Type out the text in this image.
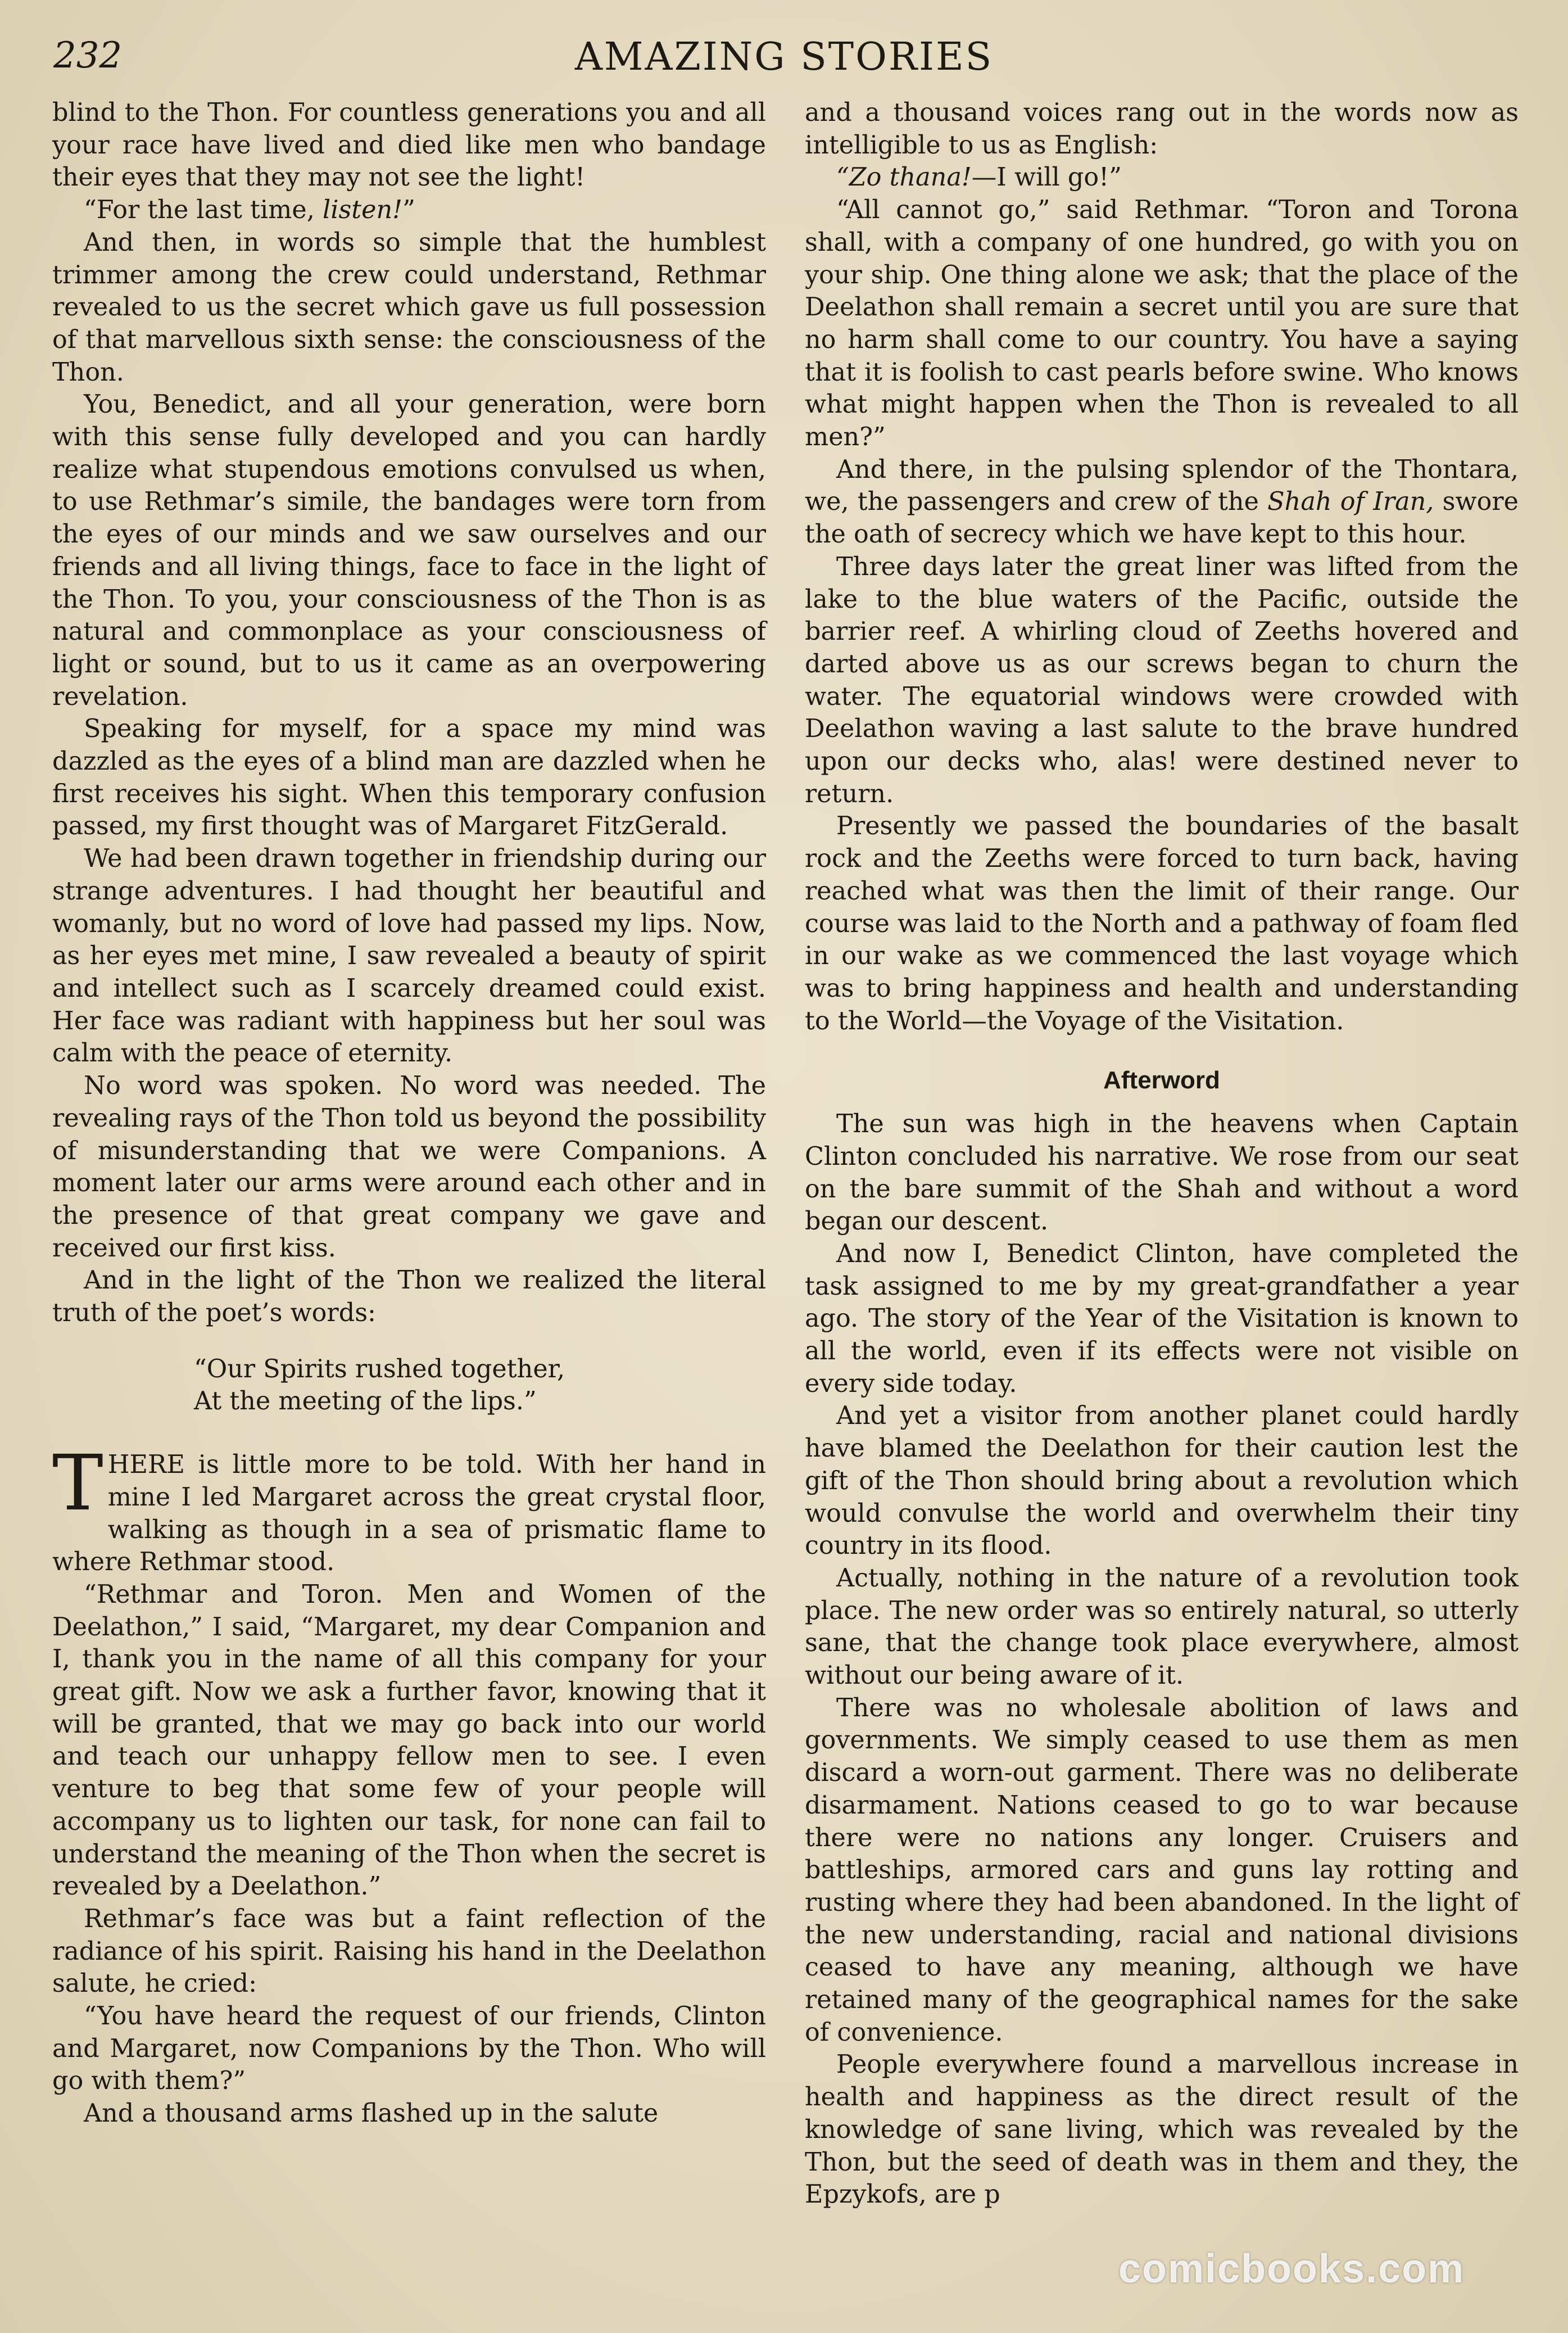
232	AMAZING STORIES

blind to the Thon. For countless generations you and all your race have lived and died like men who bandage their eyes that they may not see the light!

“For the last time, listen!”

And then, in words so simple that the humblest trimmer among the crew could understand, Rethmar revealed to us the secret which gave us full possession of that marvellous sixth sense: the consciousness of the Thon.

You, Benedict, and all your generation, were born with this sense fully developed and you can hardly realize what stupendous emotions convulsed us when, to use Rethmar’s simile, the bandages were torn from the eyes of our minds and we saw ourselves and our friends and all living things, face to face in the light of the Thon. To you, your consciousness of the Thon is as natural and commonplace as your consciousness of light or sound, but to us it came as an overpowering revelation.

Speaking for myself, for a space my mind was dazzled as the eyes of a blind man are dazzled when he first receives his sight. When this temporary confusion passed, my first thought was of Margaret FitzGerald.

We had been drawn together in friendship during our strange adventures. I had thought her beautiful and womanly, but no word of love had passed my lips. Now, as her eyes met mine, I saw revealed a beauty of spirit and intellect such as I scarcely dreamed could exist. Her face was radiant with happiness but her soul was calm with the peace of eternity.

No word was spoken. No word was needed. The revealing rays of the Thon told us beyond the possibility of misunderstanding that we were Companions. A moment later our arms were around each other and in the presence of that great company we gave and received our first kiss.

And in the light of the Thon we realized the literal truth of the poet’s words:

“Our Spirits rushed together,
At the meeting of the lips.”

THERE is little more to be told. With her hand in mine I led Margaret across the great crystal floor, walking as though in a sea of prismatic flame to where Rethmar stood.

“Rethmar and Toron. Men and Women of the Deelathon,” I said, “Margaret, my dear Companion and I, thank you in the name of all this company for your great gift. Now we ask a further favor, knowing that it will be granted, that we may go back into our world and teach our unhappy fellow men to see. I even venture to beg that some few of your people will accompany us to lighten our task, for none can fail to understand the meaning of the Thon when the secret is revealed by a Deelathon.”

Rethmar’s face was but a faint reflection of the radiance of his spirit. Raising his hand in the Deelathon salute, he cried:

“You have heard the request of our friends, Clinton and Margaret, now Companions by the Thon. Who will go with them?”

And a thousand arms flashed up in the salute

and a thousand voices rang out in the words now as intelligible to us as English:

“Zo thana!—I will go!”

“All cannot go,” said Rethmar. “Toron and Torona shall, with a company of one hundred, go with you on your ship. One thing alone we ask; that the place of the Deelathon shall remain a secret until you are sure that no harm shall come to our country. You have a saying that it is foolish to cast pearls before swine. Who knows what might happen when the Thon is revealed to all men?”

And there, in the pulsing splendor of the Thontara, we, the passengers and crew of the Shah of Iran, swore the oath of secrecy which we have kept to this hour.

Three days later the great liner was lifted from the lake to the blue waters of the Pacific, outside the barrier reef. A whirling cloud of Zeeths hovered and darted above us as our screws began to churn the water. The equatorial windows were crowded with Deelathon waving a last salute to the brave hundred upon our decks who, alas! were destined never to return.

Presently we passed the boundaries of the basalt rock and the Zeeths were forced to turn back, having reached what was then the limit of their range. Our course was laid to the North and a pathway of foam fled in our wake as we commenced the last voyage which was to bring happiness and health and understanding to the World—the Voyage of the Visitation.

Afterword

The sun was high in the heavens when Captain Clinton concluded his narrative. We rose from our seat on the bare summit of the Shah and without a word began our descent.

And now I, Benedict Clinton, have completed the task assigned to me by my great-grandfather a year ago. The story of the Year of the Visitation is known to all the world, even if its effects were not visible on every side today.

And yet a visitor from another planet could hardly have blamed the Deelathon for their caution lest the gift of the Thon should bring about a revolution which would convulse the world and overwhelm their tiny country in its flood.

Actually, nothing in the nature of a revolution took place. The new order was so entirely natural, so utterly sane, that the change took place everywhere, almost without our being aware of it.

There was no wholesale abolition of laws and governments. We simply ceased to use them as men discard a worn-out garment. There was no deliberate disarmament. Nations ceased to go to war because there were no nations any longer. Cruisers and battleships, armored cars and guns lay rotting and rusting where they had been abandoned. In the light of the new understanding, racial and national divisions ceased to have any meaning, although we have retained many of the geographical names for the sake of convenience.

People everywhere found a marvellous increase in health and happiness as the direct result of the knowledge of sane living, which was revealed by the Thon, but the seed of death was in them and they, the Epzykofs, are p

comicbooks.com
